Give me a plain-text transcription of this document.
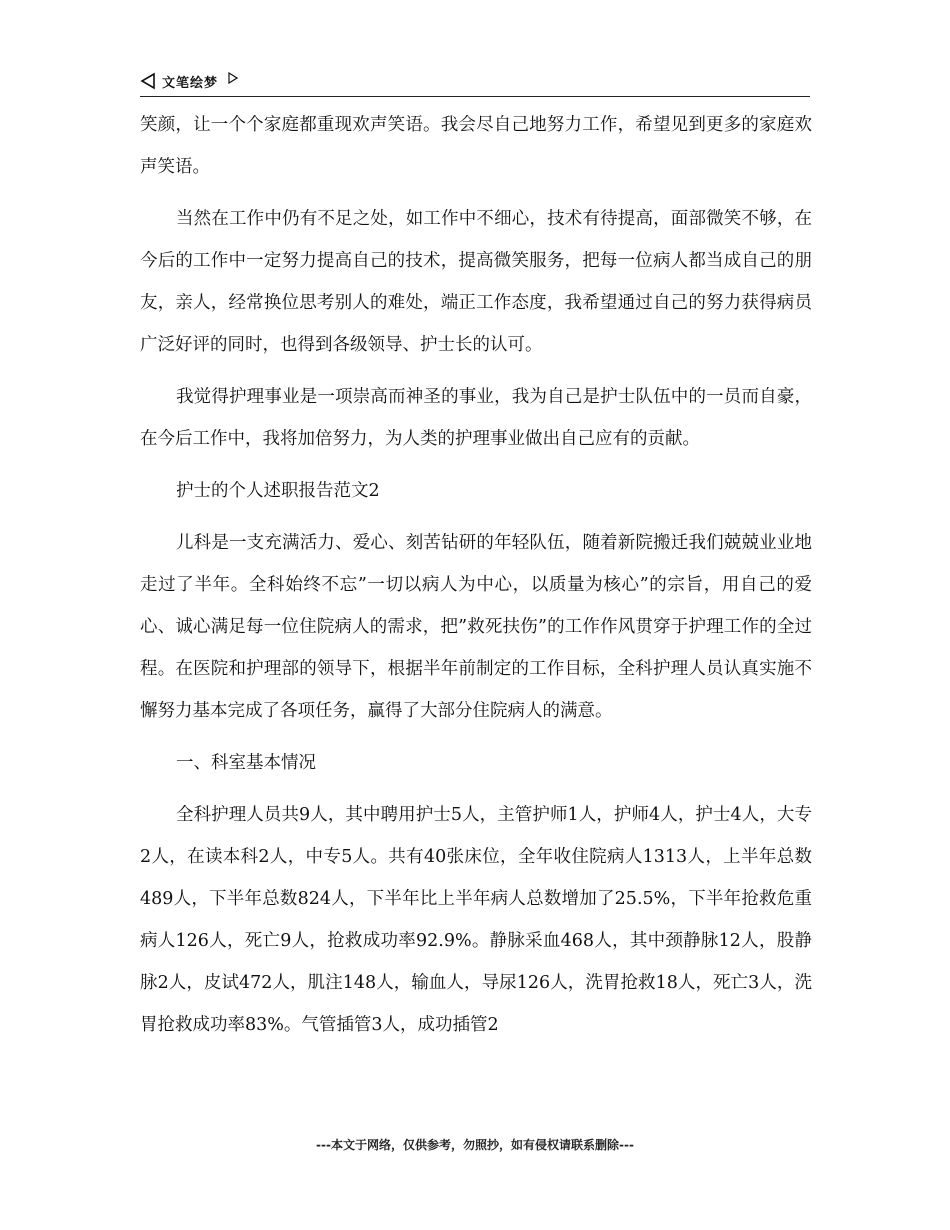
文笔绘梦

笑颜，让一个个家庭都重现欢声笑语。我会尽自己地努力工作，希望见到更多的家庭欢声笑语。

当然在工作中仍有不足之处，如工作中不细心，技术有待提高，面部微笑不够，在今后的工作中一定努力提高自己的技术，提高微笑服务，把每一位病人都当成自己的朋友，亲人，经常换位思考别人的难处，端正工作态度，我希望通过自己的努力获得病员广泛好评的同时，也得到各级领导、护士长的认可。

我觉得护理事业是一项崇高而神圣的事业，我为自己是护士队伍中的一员而自豪，在今后工作中，我将加倍努力，为人类的护理事业做出自己应有的贡献。

护士的个人述职报告范文2

儿科是一支充满活力、爱心、刻苦钻研的年轻队伍，随着新院搬迁我们兢兢业业地走过了半年。全科始终不忘”一切以病人为中心，以质量为核心”的宗旨，用自己的爱心、诚心满足每一位住院病人的需求，把”救死扶伤”的工作作风贯穿于护理工作的全过程。在医院和护理部的领导下，根据半年前制定的工作目标，全科护理人员认真实施不懈努力基本完成了各项任务，赢得了大部分住院病人的满意。

一、科室基本情况

全科护理人员共9人，其中聘用护士5人，主管护师1人，护师4人，护士4人，大专2人，在读本科2人，中专5人。共有40张床位，全年收住院病人1313人，上半年总数489人，下半年总数824人，下半年比上半年病人总数增加了25.5%，下半年抢救危重病人126人，死亡9人，抢救成功率92.9%。静脉采血468人，其中颈静脉12人，股静脉2人，皮试472人，肌注148人，输血人，导尿126人，洗胃抢救18人，死亡3人，洗胃抢救成功率83%。气管插管3人，成功插管2

---本文于网络，仅供参考，勿照抄，如有侵权请联系删除---
